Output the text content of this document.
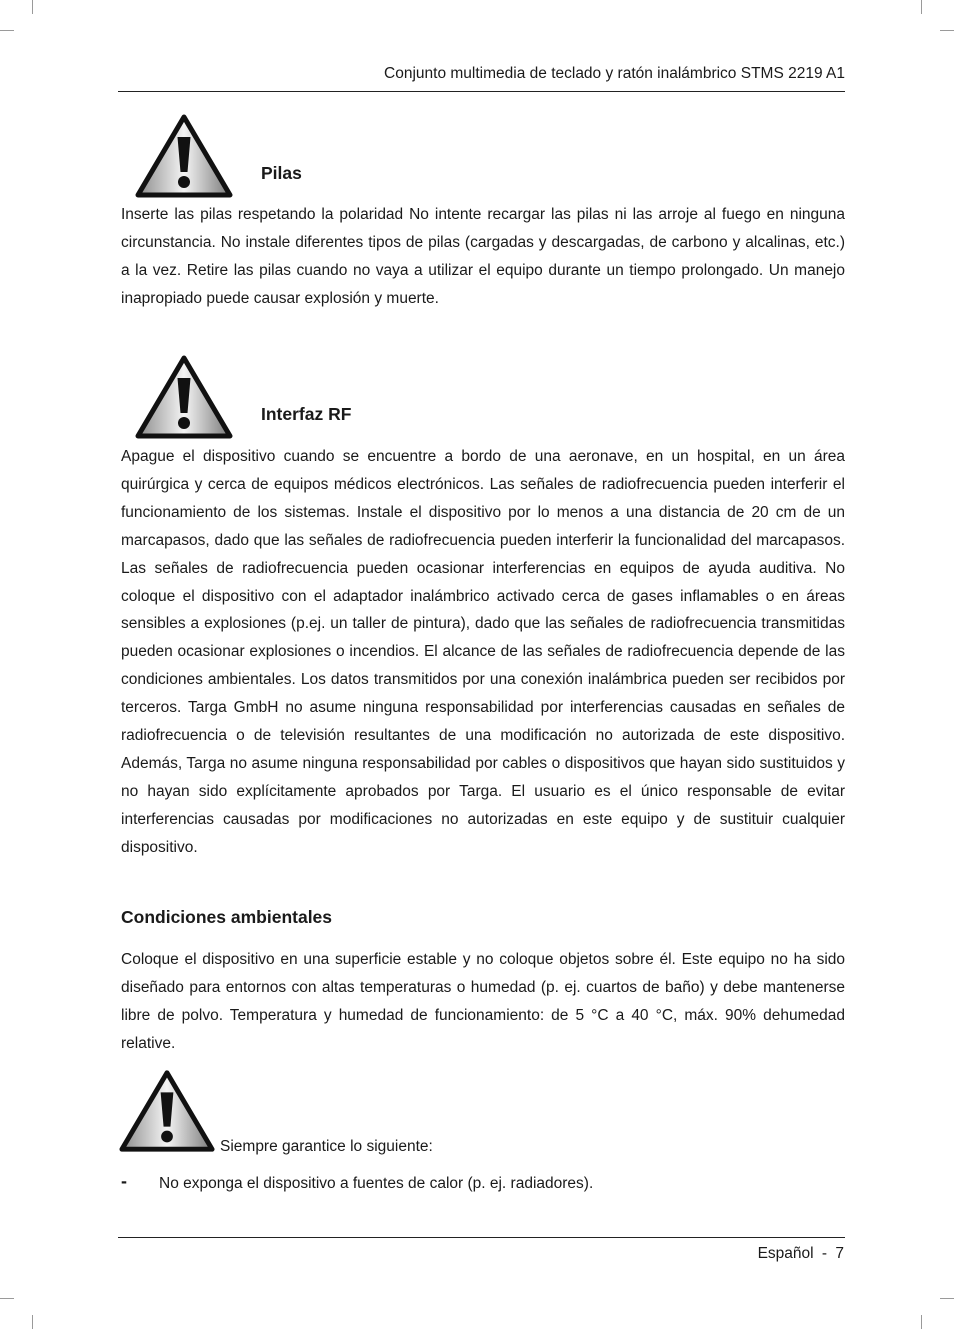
Conjunto multimedia de teclado y ratón inalámbrico STMS 2219 A1
Pilas

Inserte las pilas respetando la polaridad No intente recargar las pilas ni las arroje al fuego en ninguna circunstancia. No instale diferentes tipos de pilas (cargadas y descargadas, de carbono y alcalinas, etc.) a la vez. Retire las pilas cuando no vaya a utilizar el equipo durante un tiempo prolongado. Un manejo inapropiado puede causar explosión y muerte.

Interfaz RF

Apague el dispositivo cuando se encuentre a bordo de una aeronave, en un hospital, en un área quirúrgica y cerca de equipos médicos electrónicos. Las señales de radiofrecuencia pueden interferir el funcionamiento de los sistemas. Instale el dispositivo por lo menos a una distancia de 20 cm de un marcapasos, dado que las señales de radiofrecuencia pueden interferir la funcionalidad del marcapasos. Las señales de radiofrecuencia pueden ocasionar interferencias en equipos de ayuda auditiva. No coloque el dispositivo con el adaptador inalámbrico activado cerca de gases inflamables o en áreas sensibles a explosiones (p.ej. un taller de pintura), dado que las señales de radiofrecuencia transmitidas pueden ocasionar explosiones o incendios. El alcance de las señales de radiofrecuencia depende de las condiciones ambientales. Los datos transmitidos por una conexión inalámbrica pueden ser recibidos por terceros. Targa GmbH no asume ninguna responsabilidad por interferencias causadas en señales de radiofrecuencia o de televisión resultantes de una modificación no autorizada de este dispositivo. Además, Targa no asume ninguna responsabilidad por cables o dispositivos que hayan sido sustituidos y no hayan sido explícitamente aprobados por Targa. El usuario es el único responsable de evitar interferencias causadas por modificaciones no autorizadas en este equipo y de sustituir cualquier dispositivo.

Condiciones ambientales

Coloque el dispositivo en una superficie estable y no coloque objetos sobre él. Este equipo no ha sido diseñado para entornos con altas temperaturas o humedad (p. ej. cuartos de baño) y debe mantenerse libre de polvo. Temperatura y humedad de funcionamiento: de 5 °C a 40 °C, máx. 90% dehumedad relative.

Siempre garantice lo siguiente:
- No exponga el dispositivo a fuentes de calor (p. ej. radiadores).
Español - 7
